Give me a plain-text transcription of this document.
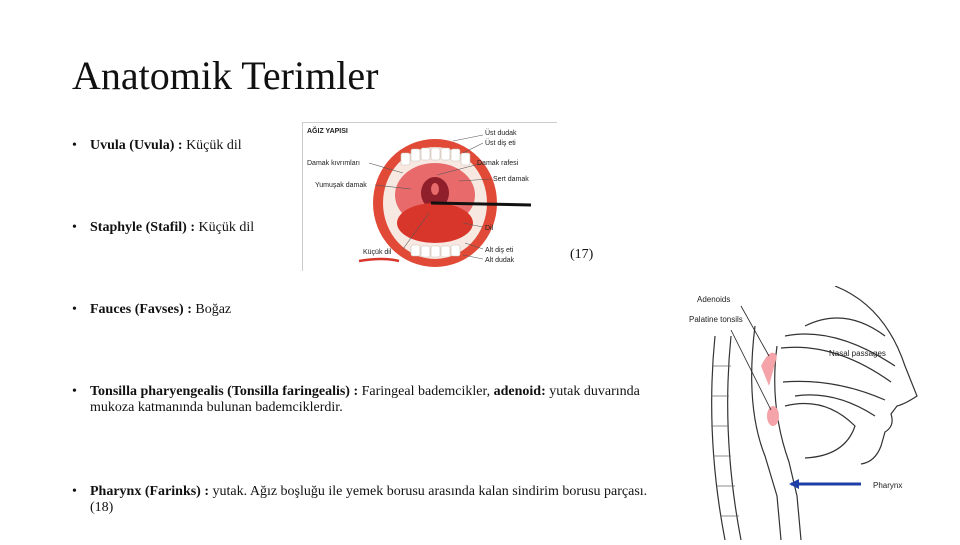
Anatomik Terimler
• Uvula (Uvula) : Küçük dil
• Staphyle (Stafil) : Küçük dil
(17)
• Fauces (Favses) : Boğaz
• Tonsilla pharyengealis (Tonsilla faringealis) : Faringeal bademcikler, adenoid: yutak duvarında mukoza katmanında bulunan bademciklerdir.
• Pharynx (Farinks) : yutak. Ağız boşluğu ile yemek borusu arasında kalan sindirim borusu parçası.
(18)
AĞIZ YAPISI
Damak kıvrımları
Yumuşak damak
Küçük dil
Üst dudak
Üst diş eti
Damak rafesi
Sert damak
Dil
Alt diş eti
Alt dudak
Adenoids
Palatine tonsils
Nasal passages
Pharynx
